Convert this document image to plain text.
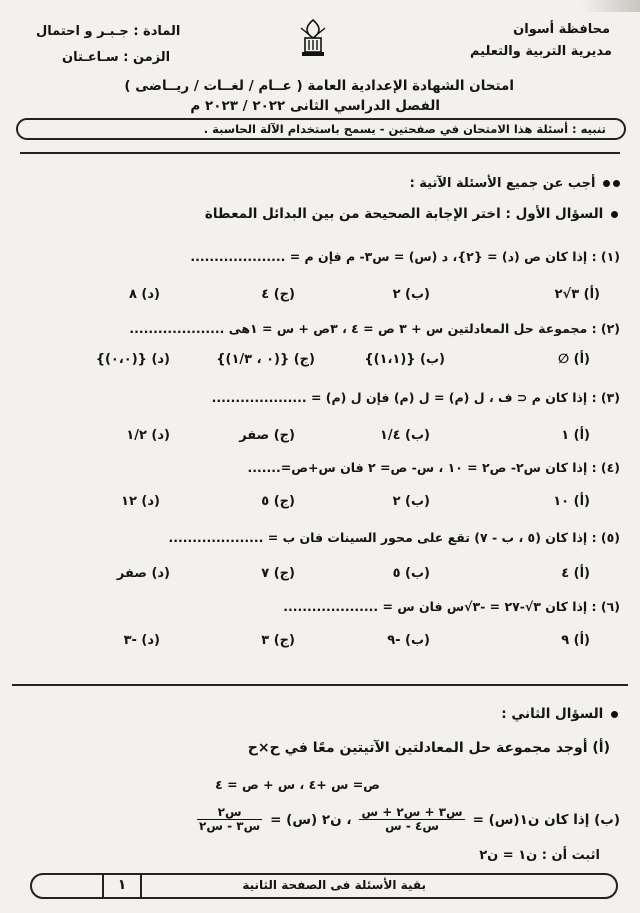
محافظة أسوان
مديرية التربية والتعليم
المادة : جـبـر و احتمال
الزمن : سـاعـتان
امتحان الشهادة الإعدادية العامة ( عــام / لغــات / ريــاضى )
الفصل الدراسي الثانى ٢٠٢٢ / ٢٠٢٣ م
تنبيه : أسئلة هذا الامتحان في صفحتين - يسمح باستخدام الآلة الحاسبة .
أجب عن جميع الأسئلة الآتية :
السؤال الأول : اختر الإجابة الصحيحة من بين البدائل المعطاة
(١) : إذا كان ص (د) = {٢}، د (س) = س٣- م فإن م = ....................
(أ) ٣√٢
(ب) ٢
(ج) ٤
(د) ٨
(٢) : مجموعة حل المعادلتين س + ٣ ص = ٤ ، ٣ص + س = ١هى ....................
(أ) ∅
(ب) {(١،١)}
(ج) {(٠ ، ١/٣)}
(د) {(٠،٠)}
(٣) : إذا كان م ⊂ ف ، ل (م) = ل (م) فإن ل (م) = ....................
(أ) ١
(ب) ١/٤
(ج) صفر
(د) ١/٢
(٤) : إذا كان س٢- ص٢ = ١٠ ، س- ص= ٢ فان س+ص=.......
(أ) ١٠
(ب) ٢
(ج) ٥
(د) ١٢
(٥) : إذا كان (٥ ، ب - ٧) تقع على محور السينات فان ب = ....................
(أ) ٤
(ب) ٥
(ج) ٧
(د) صفر
(٦) : إذا كان ٣√-٢٧ = -٣√س فان س = ....................
(أ) ٩
(ب) -٩
(ج) ٣
(د) -٣
السؤال الثاني :
(أ) أوجد مجموعة حل المعادلتين الآتيتين معًا في ح×ح
ص= س +٤ ، س + ص = ٤
(ب) إذا كان ن١(س) =
$\frac{\text{س٣ + س٢ + س}}{\text{س٤ - س}}$
، ن٢ (س) =
$\frac{\text{س٢}}{\text{س٣ - س٢}}$
اثبت أن : ن١ = ن٢
١	بقية الأسئلة فى الصفحة الثانية
